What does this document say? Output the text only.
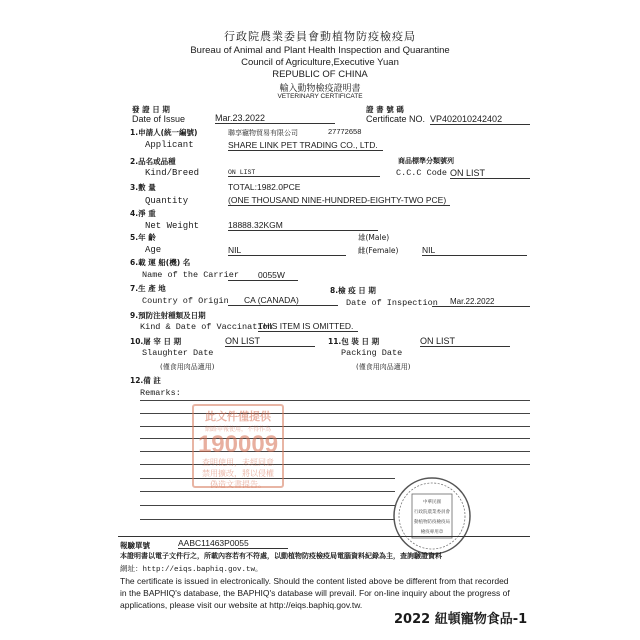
行政院農業委員會動植物防疫檢疫局
Bureau of Animal and Plant Health Inspection and Quarantine
Council of Agriculture,Executive Yuan
REPUBLIC OF CHINA
輸入動物檢疫證明書
VETERINARY CERTIFICATE
發 證 日 期
Date of Issue	Mar.23.2022
證 書 號 碼
Certificate NO. VP402010242402
1.申請人(統一編號)
Applicant
聯享寵物貿易有限公司	27772658
SHARE LINK PET TRADING CO., LTD.
2.品名或品種
Kind/Breed	ON LIST
商品標準分類號列
C.C.C Code ON LIST
3.數 量
Quantity
TOTAL:1982.0PCE
(ONE THOUSAND NINE-HUNDRED-EIGHTY-TWO PCE)
4.淨 重
Net Weight	18888.32KGM
5.年 齡
Age	NIL
雄(Male)
雌(Female)	NIL
6.載 運 船(機) 名
Name of the Carrier	0055W
7.生 產 地
Country of Origin	CA (CANADA)
8.檢 疫 日 期
Date of Inspection	Mar.22.2022
9.預防注射種類及日期
Kind & Date of Vaccination
THIS ITEM IS OMITTED.
10.屠 宰 日 期
Slaughter Date
ON LIST
(僅食用肉品適用)
11.包 裝 日 期
Packing Date
ON LIST
(僅食用肉品適用)
12.備 註
Remarks:
此文件僅提供
網路申報使用，不得作為
190009
查明使用，未經同意
禁用擴改，將以侵權
偽造文書提告。
中華民國
行政院農業委員會
動植物防疫檢疫局
檢疫專用章
報驗單號	AABC11463P0055
本證明書以電子文件行之，所載內容若有不符處，以動植物防疫檢疫局電腦資料紀錄為主，查詢驗證資料
網址：http://eiqs.baphiq.gov.tw。
The certificate is issued in electronically. Should the content listed above be different from that recorded
in the BAPHIQ's database, the BAPHIQ's database will prevail. For on-line inquiry about the progress of
applications, please visit our website at http://eiqs.baphiq.gov.tw.
2022 紐頓寵物食品-1
